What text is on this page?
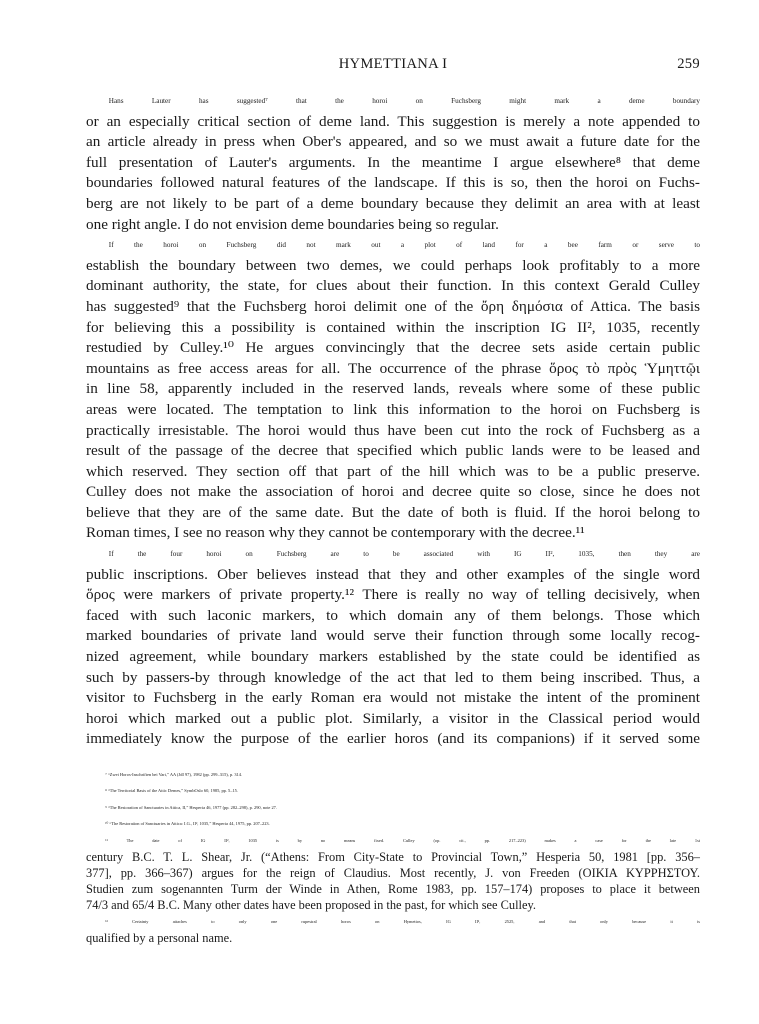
HYMETTIANA I	259

Hans Lauter has suggested⁷ that the horoi on Fuchsberg might mark a deme boundary
or an especially critical section of deme land. This suggestion is merely a note appended to
an article already in press when Ober's appeared, and so we must await a future date for the
full presentation of Lauter's arguments. In the meantime I argue elsewhere⁸ that deme
boundaries followed natural features of the landscape. If this is so, then the horoi on Fuchs-
berg are not likely to be part of a deme boundary because they delimit an area with at least
one right angle. I do not envision deme boundaries being so regular.

If the horoi on Fuchsberg did not mark out a plot of land for a bee farm or serve to
establish the boundary between two demes, we could perhaps look profitably to a more
dominant authority, the state, for clues about their function. In this context Gerald Culley
has suggested⁹ that the Fuchsberg horoi delimit one of the ὄρη δημόσια of Attica. The basis
for believing this a possibility is contained within the inscription IG II², 1035, recently
restudied by Culley.¹⁰ He argues convincingly that the decree sets aside certain public
mountains as free access areas for all. The occurrence of the phrase ὅρος τὸ πρὸς Ὑμηττῷι
in line 58, apparently included in the reserved lands, reveals where some of these public
areas were located. The temptation to link this information to the horoi on Fuchsberg is
practically irresistable. The horoi would thus have been cut into the rock of Fuchsberg as a
result of the passage of the decree that specified which public lands were to be leased and
which reserved. They section off that part of the hill which was to be a public preserve.
Culley does not make the association of horoi and decree quite so close, since he does not
believe that they are of the same date. But the date of both is fluid. If the horoi belong to
Roman times, I see no reason why they cannot be contemporary with the decree.¹¹

If the four horoi on Fuchsberg are to be associated with IG II², 1035, then they are
public inscriptions. Ober believes instead that they and other examples of the single word
ὅρος were markers of private property.¹² There is really no way of telling decisively, when
faced with such laconic markers, to which domain any of them belongs. Those which
marked boundaries of private land would serve their function through some locally recog-
nized agreement, while boundary markers established by the state could be identified as
such by passers-by through knowledge of the act that led to them being inscribed. Thus, a
visitor to Fuchsberg in the early Roman era would not mistake the intent of the prominent
horoi which marked out a public plot. Similarly, a visitor in the Classical period would
immediately know the purpose of the earlier horos (and its companions) if it served some

⁷ “Zwei Horos-Inschriften bei Vari,” AA (JdI 97), 1982 (pp. 299–315), p. 314.
⁸ “The Territorial Basis of the Attic Demes,” SymbOslo 60, 1985, pp. 5–15.
⁹ “The Restoration of Sanctuaries in Attica, II,” Hesperia 46, 1977 (pp. 282–298), p. 290, note 27.
¹⁰ “The Restoration of Sanctuaries in Attica: I.G., II², 1035,” Hesperia 44, 1975, pp. 207–223.
¹¹ The date of IG II², 1035 is by no means fixed. Culley (op. cit., pp. 217–223) makes a case for the late 1st
century B.C. T. L. Shear, Jr. (“Athens: From City-State to Provincial Town,” Hesperia 50, 1981 [pp. 356–
377], pp. 366–367) argues for the reign of Claudius. Most recently, J. von Freeden (ΟΙΚΙΑ ΚΥΡΡΗΣΤΟΥ.
Studien zum sogenannten Turm der Winde in Athen, Rome 1983, pp. 157–174) proposes to place it between
74/3 and 65/4 B.C. Many other dates have been proposed in the past, for which see Culley.
¹² Certainty attaches to only one rupestral horos on Hymettos, IG II², 2525, and that only because it is
qualified by a personal name.
